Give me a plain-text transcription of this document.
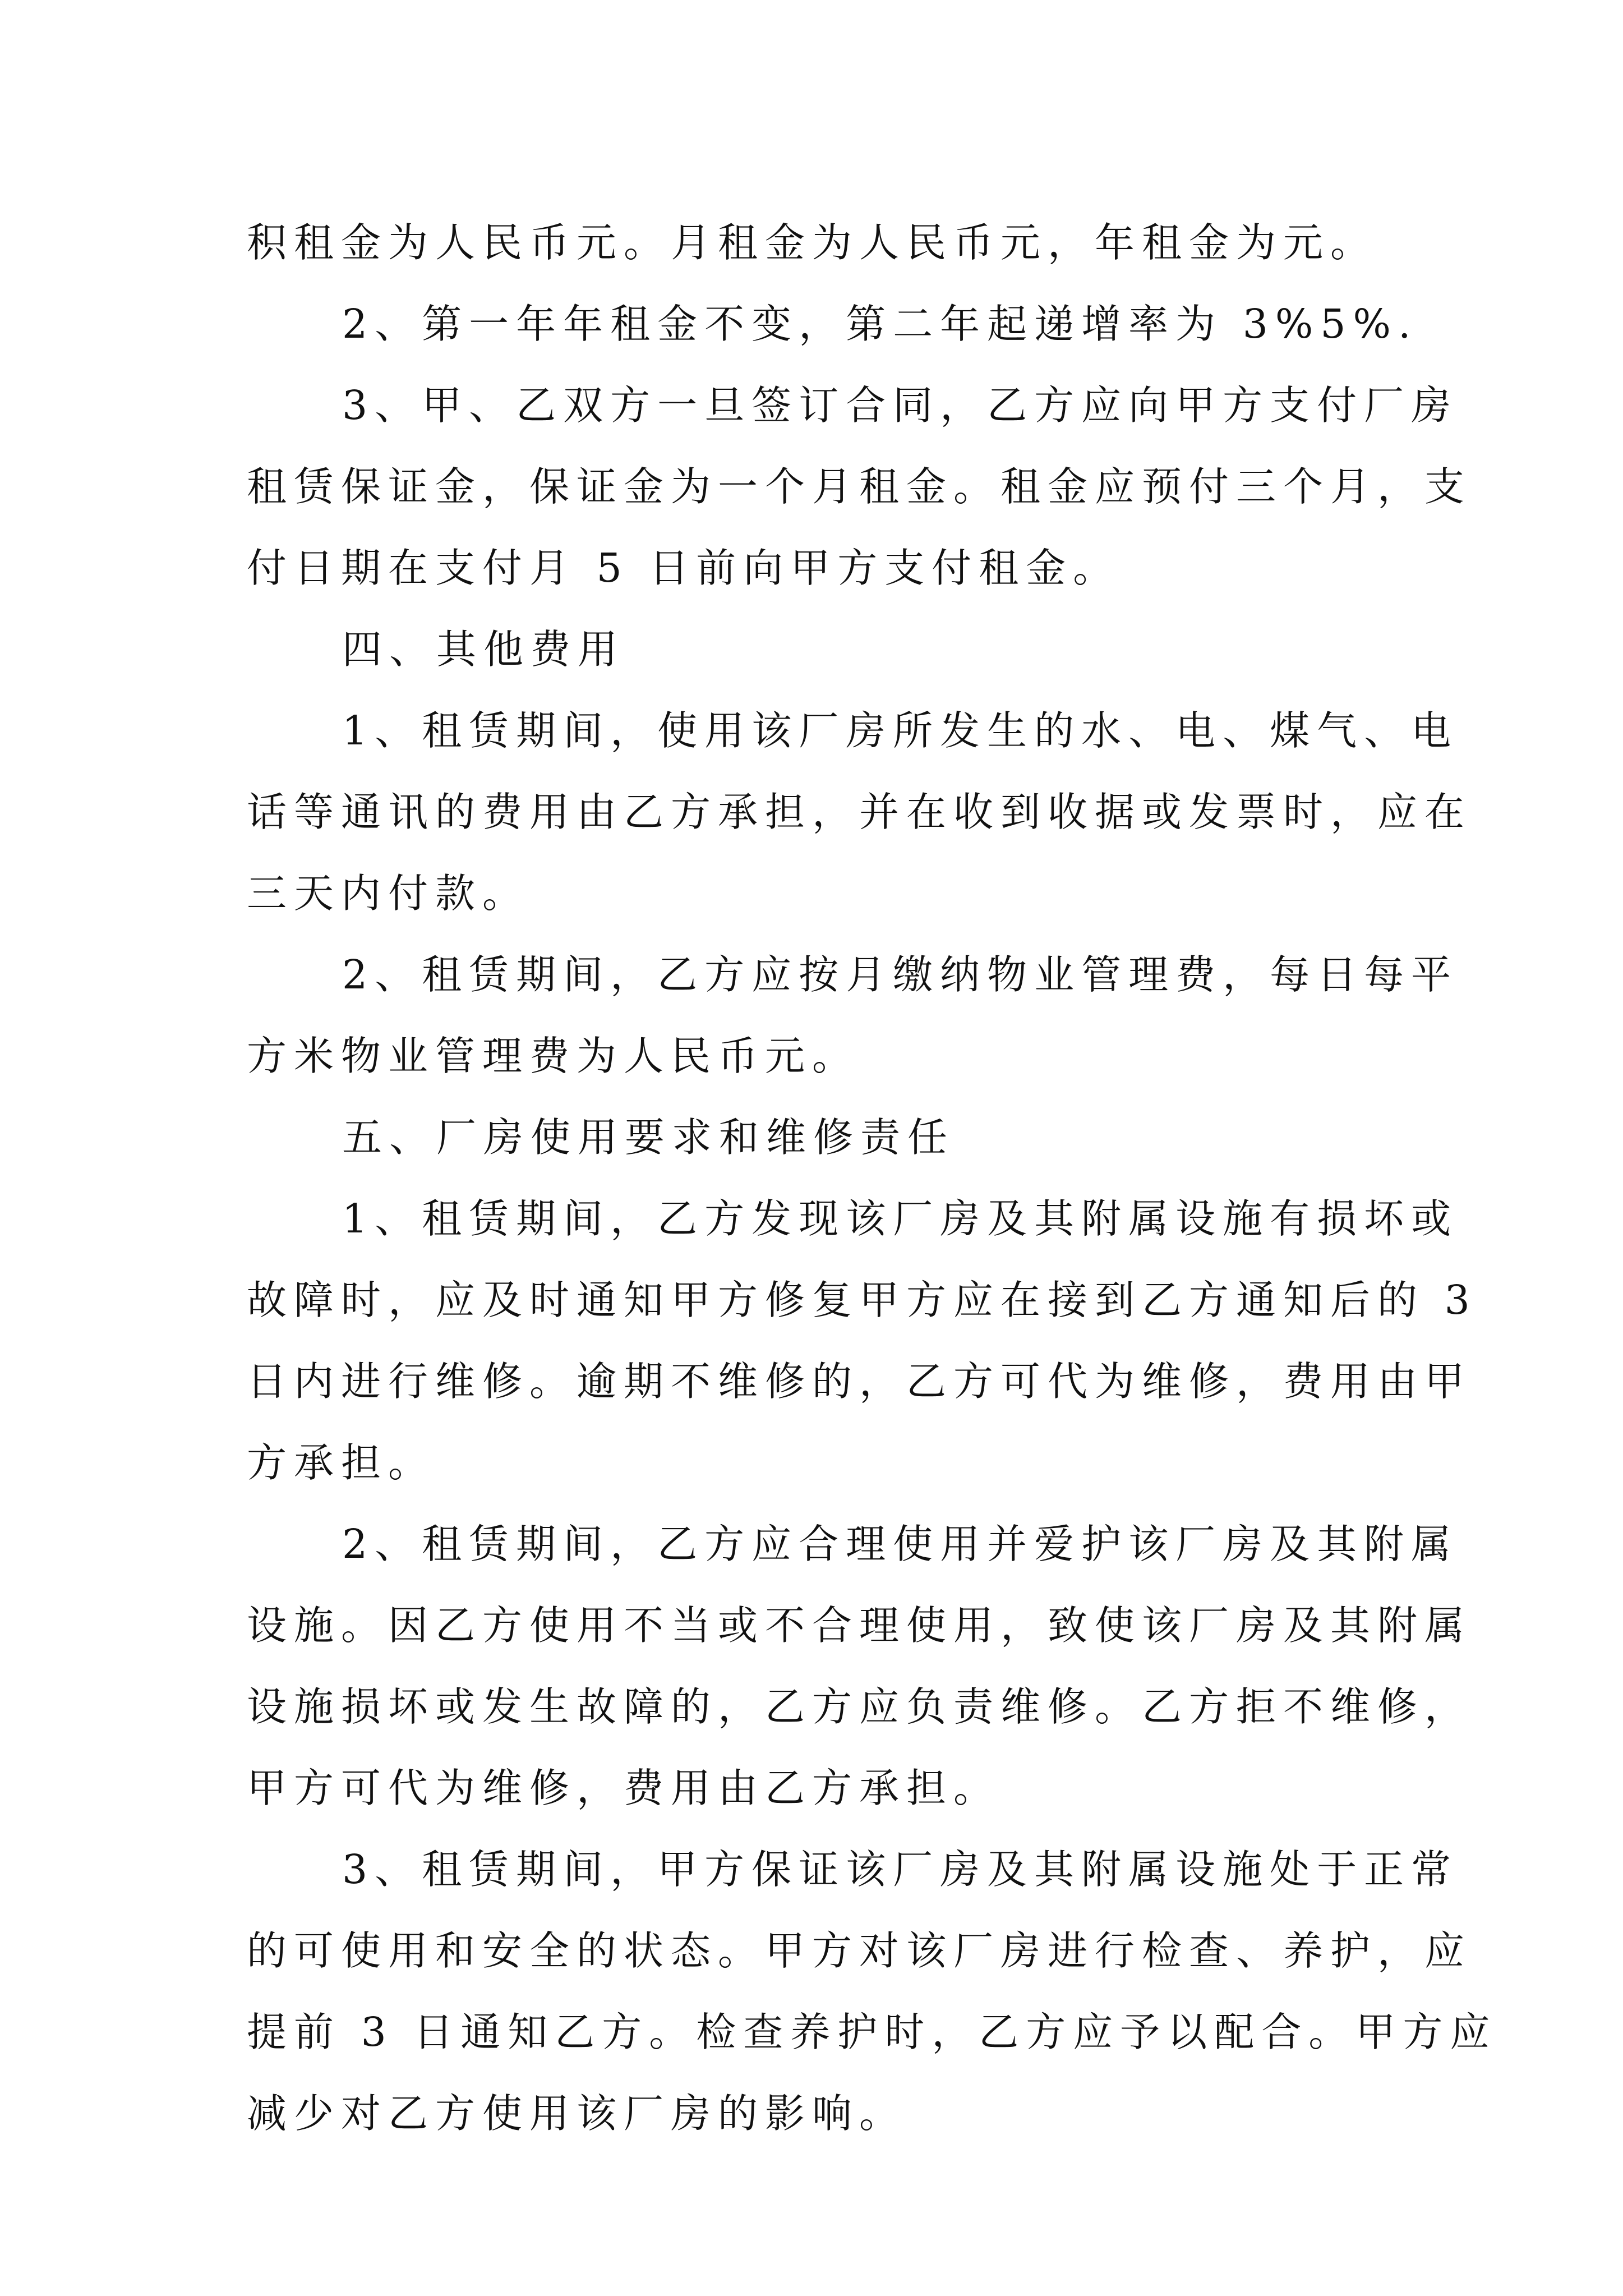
积租金为人民币元。月租金为人民币元，年租金为元。
2、第一年年租金不变，第二年起递增率为 3%5%.
3、甲、乙双方一旦签订合同，乙方应向甲方支付厂房
租赁保证金，保证金为一个月租金。租金应预付三个月，支
付日期在支付月 5 日前向甲方支付租金。
四、其他费用
1、租赁期间，使用该厂房所发生的水、电、煤气、电
话等通讯的费用由乙方承担，并在收到收据或发票时，应在
三天内付款。
2、租赁期间，乙方应按月缴纳物业管理费，每日每平
方米物业管理费为人民币元。
五、厂房使用要求和维修责任
1、租赁期间，乙方发现该厂房及其附属设施有损坏或
故障时，应及时通知甲方修复甲方应在接到乙方通知后的 3
日内进行维修。逾期不维修的，乙方可代为维修，费用由甲
方承担。
2、租赁期间，乙方应合理使用并爱护该厂房及其附属
设施。因乙方使用不当或不合理使用，致使该厂房及其附属
设施损坏或发生故障的，乙方应负责维修。乙方拒不维修，
甲方可代为维修，费用由乙方承担。
3、租赁期间，甲方保证该厂房及其附属设施处于正常
的可使用和安全的状态。甲方对该厂房进行检查、养护，应
提前 3 日通知乙方。检查养护时，乙方应予以配合。甲方应
减少对乙方使用该厂房的影响。
